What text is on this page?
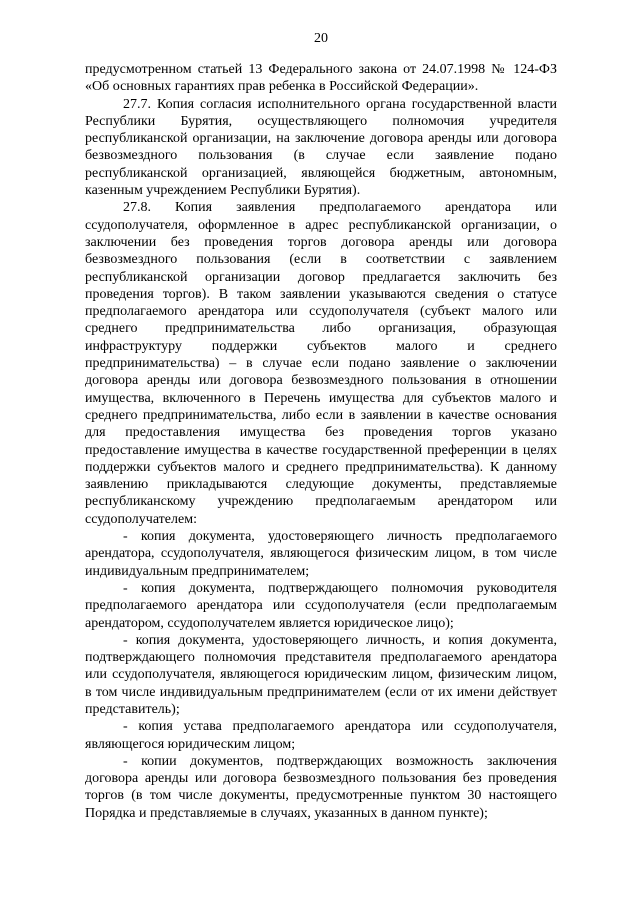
20

предусмотренном статьей 13 Федерального закона от 24.07.1998 № 124-ФЗ «Об основных гарантиях прав ребенка в Российской Федерации».

27.7. Копия согласия исполнительного органа государственной власти Республики Бурятия, осуществляющего полномочия учредителя республиканской организации, на заключение договора аренды или договора безвозмездного пользования (в случае если заявление подано республиканской организацией, являющейся бюджетным, автономным, казенным учреждением Республики Бурятия).

27.8. Копия заявления предполагаемого арендатора или ссудополучателя, оформленное в адрес республиканской организации, о заключении без проведения торгов договора аренды или договора безвозмездного пользования (если в соответствии с заявлением республиканской организации договор предлагается заключить без проведения торгов). В таком заявлении указываются сведения о статусе предполагаемого арендатора или ссудополучателя (субъект малого или среднего предпринимательства либо организация, образующая инфраструктуру поддержки субъектов малого и среднего предпринимательства) – в случае если подано заявление о заключении договора аренды или договора безвозмездного пользования в отношении имущества, включенного в Перечень имущества для субъектов малого и среднего предпринимательства, либо если в заявлении в качестве основания для предоставления имущества без проведения торгов указано предоставление имущества в качестве государственной преференции в целях поддержки субъектов малого и среднего предпринимательства). К данному заявлению прикладываются следующие документы, представляемые республиканскому учреждению предполагаемым арендатором или ссудополучателем:

- копия документа, удостоверяющего личность предполагаемого арендатора, ссудополучателя, являющегося физическим лицом, в том числе индивидуальным предпринимателем;

- копия документа, подтверждающего полномочия руководителя предполагаемого арендатора или ссудополучателя (если предполагаемым арендатором, ссудополучателем является юридическое лицо);

- копия документа, удостоверяющего личность, и копия документа, подтверждающего полномочия представителя предполагаемого арендатора или ссудополучателя, являющегося юридическим лицом, физическим лицом, в том числе индивидуальным предпринимателем (если от их имени действует представитель);

- копия устава предполагаемого арендатора или ссудополучателя, являющегося юридическим лицом;

- копии документов, подтверждающих возможность заключения договора аренды или договора безвозмездного пользования без проведения торгов (в том числе документы, предусмотренные пунктом 30 настоящего Порядка и представляемые в случаях, указанных в данном пункте);
